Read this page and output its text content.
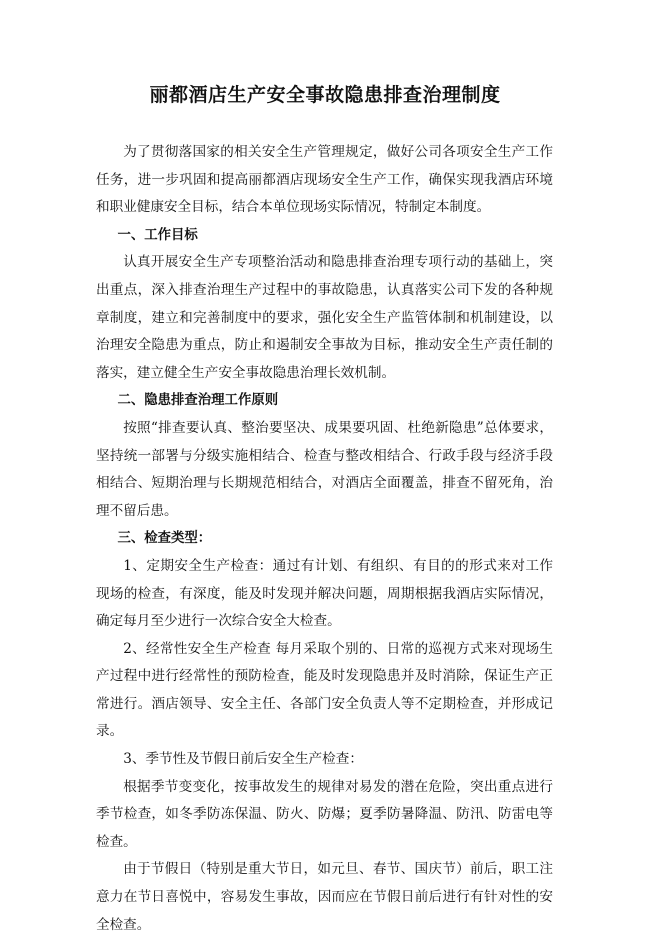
丽都酒店生产安全事故隐患排查治理制度

为了贯彻落国家的相关安全生产管理规定，做好公司各项安全生产工作任务，进一步巩固和提高丽都酒店现场安全生产工作，确保实现我酒店环境和职业健康安全目标，结合本单位现场实际情况，特制定本制度。

一、工作目标

认真开展安全生产专项整治活动和隐患排查治理专项行动的基础上，突出重点，深入排查治理生产过程中的事故隐患，认真落实公司下发的各种规章制度，建立和完善制度中的要求，强化安全生产监管体制和机制建设，以治理安全隐患为重点，防止和遏制安全事故为目标，推动安全生产责任制的落实，建立健全生产安全事故隐患治理长效机制。

二、隐患排查治理工作原则

按照“排查要认真、整治要坚决、成果要巩固、杜绝新隐患”总体要求，坚持统一部署与分级实施相结合、检查与整改相结合、行政手段与经济手段相结合、短期治理与长期规范相结合，对酒店全面覆盖，排查不留死角，治理不留后患。

三、检查类型：

1、定期安全生产检查：通过有计划、有组织、有目的的形式来对工作现场的检查，有深度，能及时发现并解决问题，周期根据我酒店实际情况，确定每月至少进行一次综合安全大检查。

2、经常性安全生产检查 每月采取个别的、日常的巡视方式来对现场生产过程中进行经常性的预防检查，能及时发现隐患并及时消除，保证生产正常进行。酒店领导、安全主任、各部门安全负责人等不定期检查，并形成记录。

3、季节性及节假日前后安全生产检查：

根据季节变变化，按事故发生的规律对易发的潜在危险，突出重点进行季节检查，如冬季防冻保温、防火、防爆；夏季防暑降温、防汛、防雷电等检查。

由于节假日（特别是重大节日，如元旦、春节、国庆节）前后，职工注意力在节日喜悦中，容易发生事故，因而应在节假日前后进行有针对性的安全检查。
